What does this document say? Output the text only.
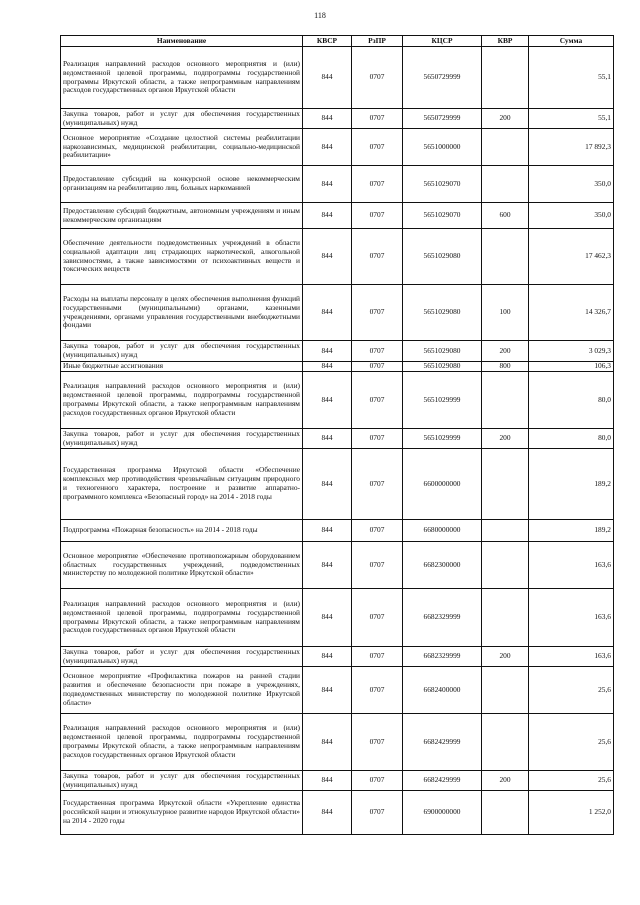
118
Наименование	КВСР	РзПР	КЦСР	КВР	Сумма
Реализация направлений расходов основного мероприятия и (или) ведомственной целевой программы, подпрограммы государственной программы Иркутской области, а также непрограммным направлениям расходов государственных органов Иркутской области	844	0707	5650729999		55,1
Закупка товаров, работ и услуг для обеспечения государственных (муниципальных) нужд	844	0707	5650729999	200	55,1
Основное мероприятие «Создание целостной системы реабилитации наркозависимых, медицинской реабилитации, социально-медицинской реабилитации»	844	0707	5651000000		17 892,3
Предоставление субсидий на конкурсной основе некоммерческим организациям на реабилитацию лиц, больных наркоманией	844	0707	5651029070		350,0
Предоставление субсидий бюджетным, автономным учреждениям и иным некоммерческим организациям	844	0707	5651029070	600	350,0
Обеспечение деятельности подведомственных учреждений в области социальной адаптации лиц страдающих наркотической, алкогольной зависимостями, а также зависимостями от психоактивных веществ и токсических веществ	844	0707	5651029080		17 462,3
Расходы на выплаты персоналу в целях обеспечения выполнения функций государственными (муниципальными) органами, казенными учреждениями, органами управления государственными внебюджетными фондами	844	0707	5651029080	100	14 326,7
Закупка товаров, работ и услуг для обеспечения государственных (муниципальных) нужд	844	0707	5651029080	200	3 029,3
Иные бюджетные ассигнования	844	0707	5651029080	800	106,3
Реализация направлений расходов основного мероприятия и (или) ведомственной целевой программы, подпрограммы государственной программы Иркутской области, а также непрограммным направлениям расходов государственных органов Иркутской области	844	0707	5651029999		80,0
Закупка товаров, работ и услуг для обеспечения государственных (муниципальных) нужд	844	0707	5651029999	200	80,0
Государственная программа Иркутской области «Обеспечение комплексных мер противодействия чрезвычайным ситуациям природного и техногенного характера, построение и развитие аппаратно-программного комплекса «Безопасный город» на 2014 - 2018 годы	844	0707	6600000000		189,2
Подпрограмма «Пожарная безопасность» на 2014 - 2018 годы	844	0707	6680000000		189,2
Основное мероприятие «Обеспечение противопожарным оборудованием областных государственных учреждений, подведомственных министерству по молодежной политике Иркутской области»	844	0707	6682300000		163,6
Реализация направлений расходов основного мероприятия и (или) ведомственной целевой программы, подпрограммы государственной программы Иркутской области, а также непрограммным направлениям расходов государственных органов Иркутской области	844	0707	6682329999		163,6
Закупка товаров, работ и услуг для обеспечения государственных (муниципальных) нужд	844	0707	6682329999	200	163,6
Основное мероприятие «Профилактика пожаров на ранней стадии развития и обеспечение безопасности при пожаре в учреждениях, подведомственных министерству по молодежной политике Иркутской области»	844	0707	6682400000		25,6
Реализация направлений расходов основного мероприятия и (или) ведомственной целевой программы, подпрограммы государственной программы Иркутской области, а также непрограммным направлениям расходов государственных органов Иркутской области	844	0707	6682429999		25,6
Закупка товаров, работ и услуг для обеспечения государственных (муниципальных) нужд	844	0707	6682429999	200	25,6
Государственная программа Иркутской области «Укрепление единства российской нации и этнокультурное развитие народов Иркутской области» на 2014 - 2020 годы	844	0707	6900000000		1 252,0
